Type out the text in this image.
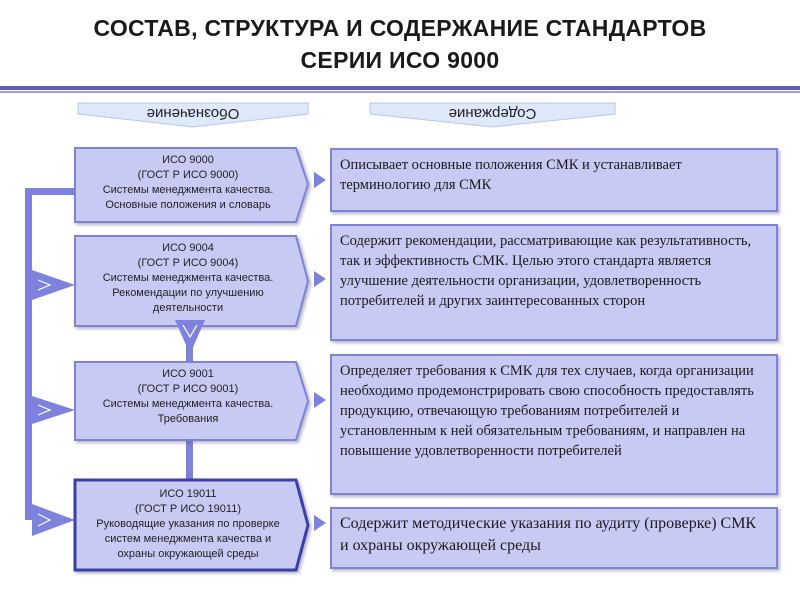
СОСТАВ, СТРУКТУРА И СОДЕРЖАНИЕ СТАНДАРТОВ
СЕРИИ ИСО 9000
Обозначение	Содержание
ИСО 9000
(ГОСТ Р ИСО 9000)
Системы менеджмента качества.
Основные положения и словарь
ИСО 9004
(ГОСТ Р ИСО 9004)
Системы менеджмента качества.
Рекомендации по улучшению
деятельности
ИСО 9001
(ГОСТ Р ИСО 9001)
Системы менеджмента качества.
Требования
ИСО 19011
(ГОСТ Р ИСО 19011)
Руководящие указания по проверке
систем менеджмента качества и
охраны окружающей среды
Описывает основные положения СМК и устанавливает терминологию для СМК
Содержит рекомендации, рассматривающие как результативность, так и эффективность СМК. Целью этого стандарта является улучшение деятельности организации, удовлетворенность потребителей и других заинтересованных сторон
Определяет требования к СМК для тех случаев, когда организации необходимо продемонстрировать свою способность предоставлять продукцию, отвечающую требованиям потребителей и установленным к ней обязательным требованиям, и направлен на повышение удовлетворенности потребителей
Содержит методические указания по аудиту (проверке) СМК и охраны окружающей среды
